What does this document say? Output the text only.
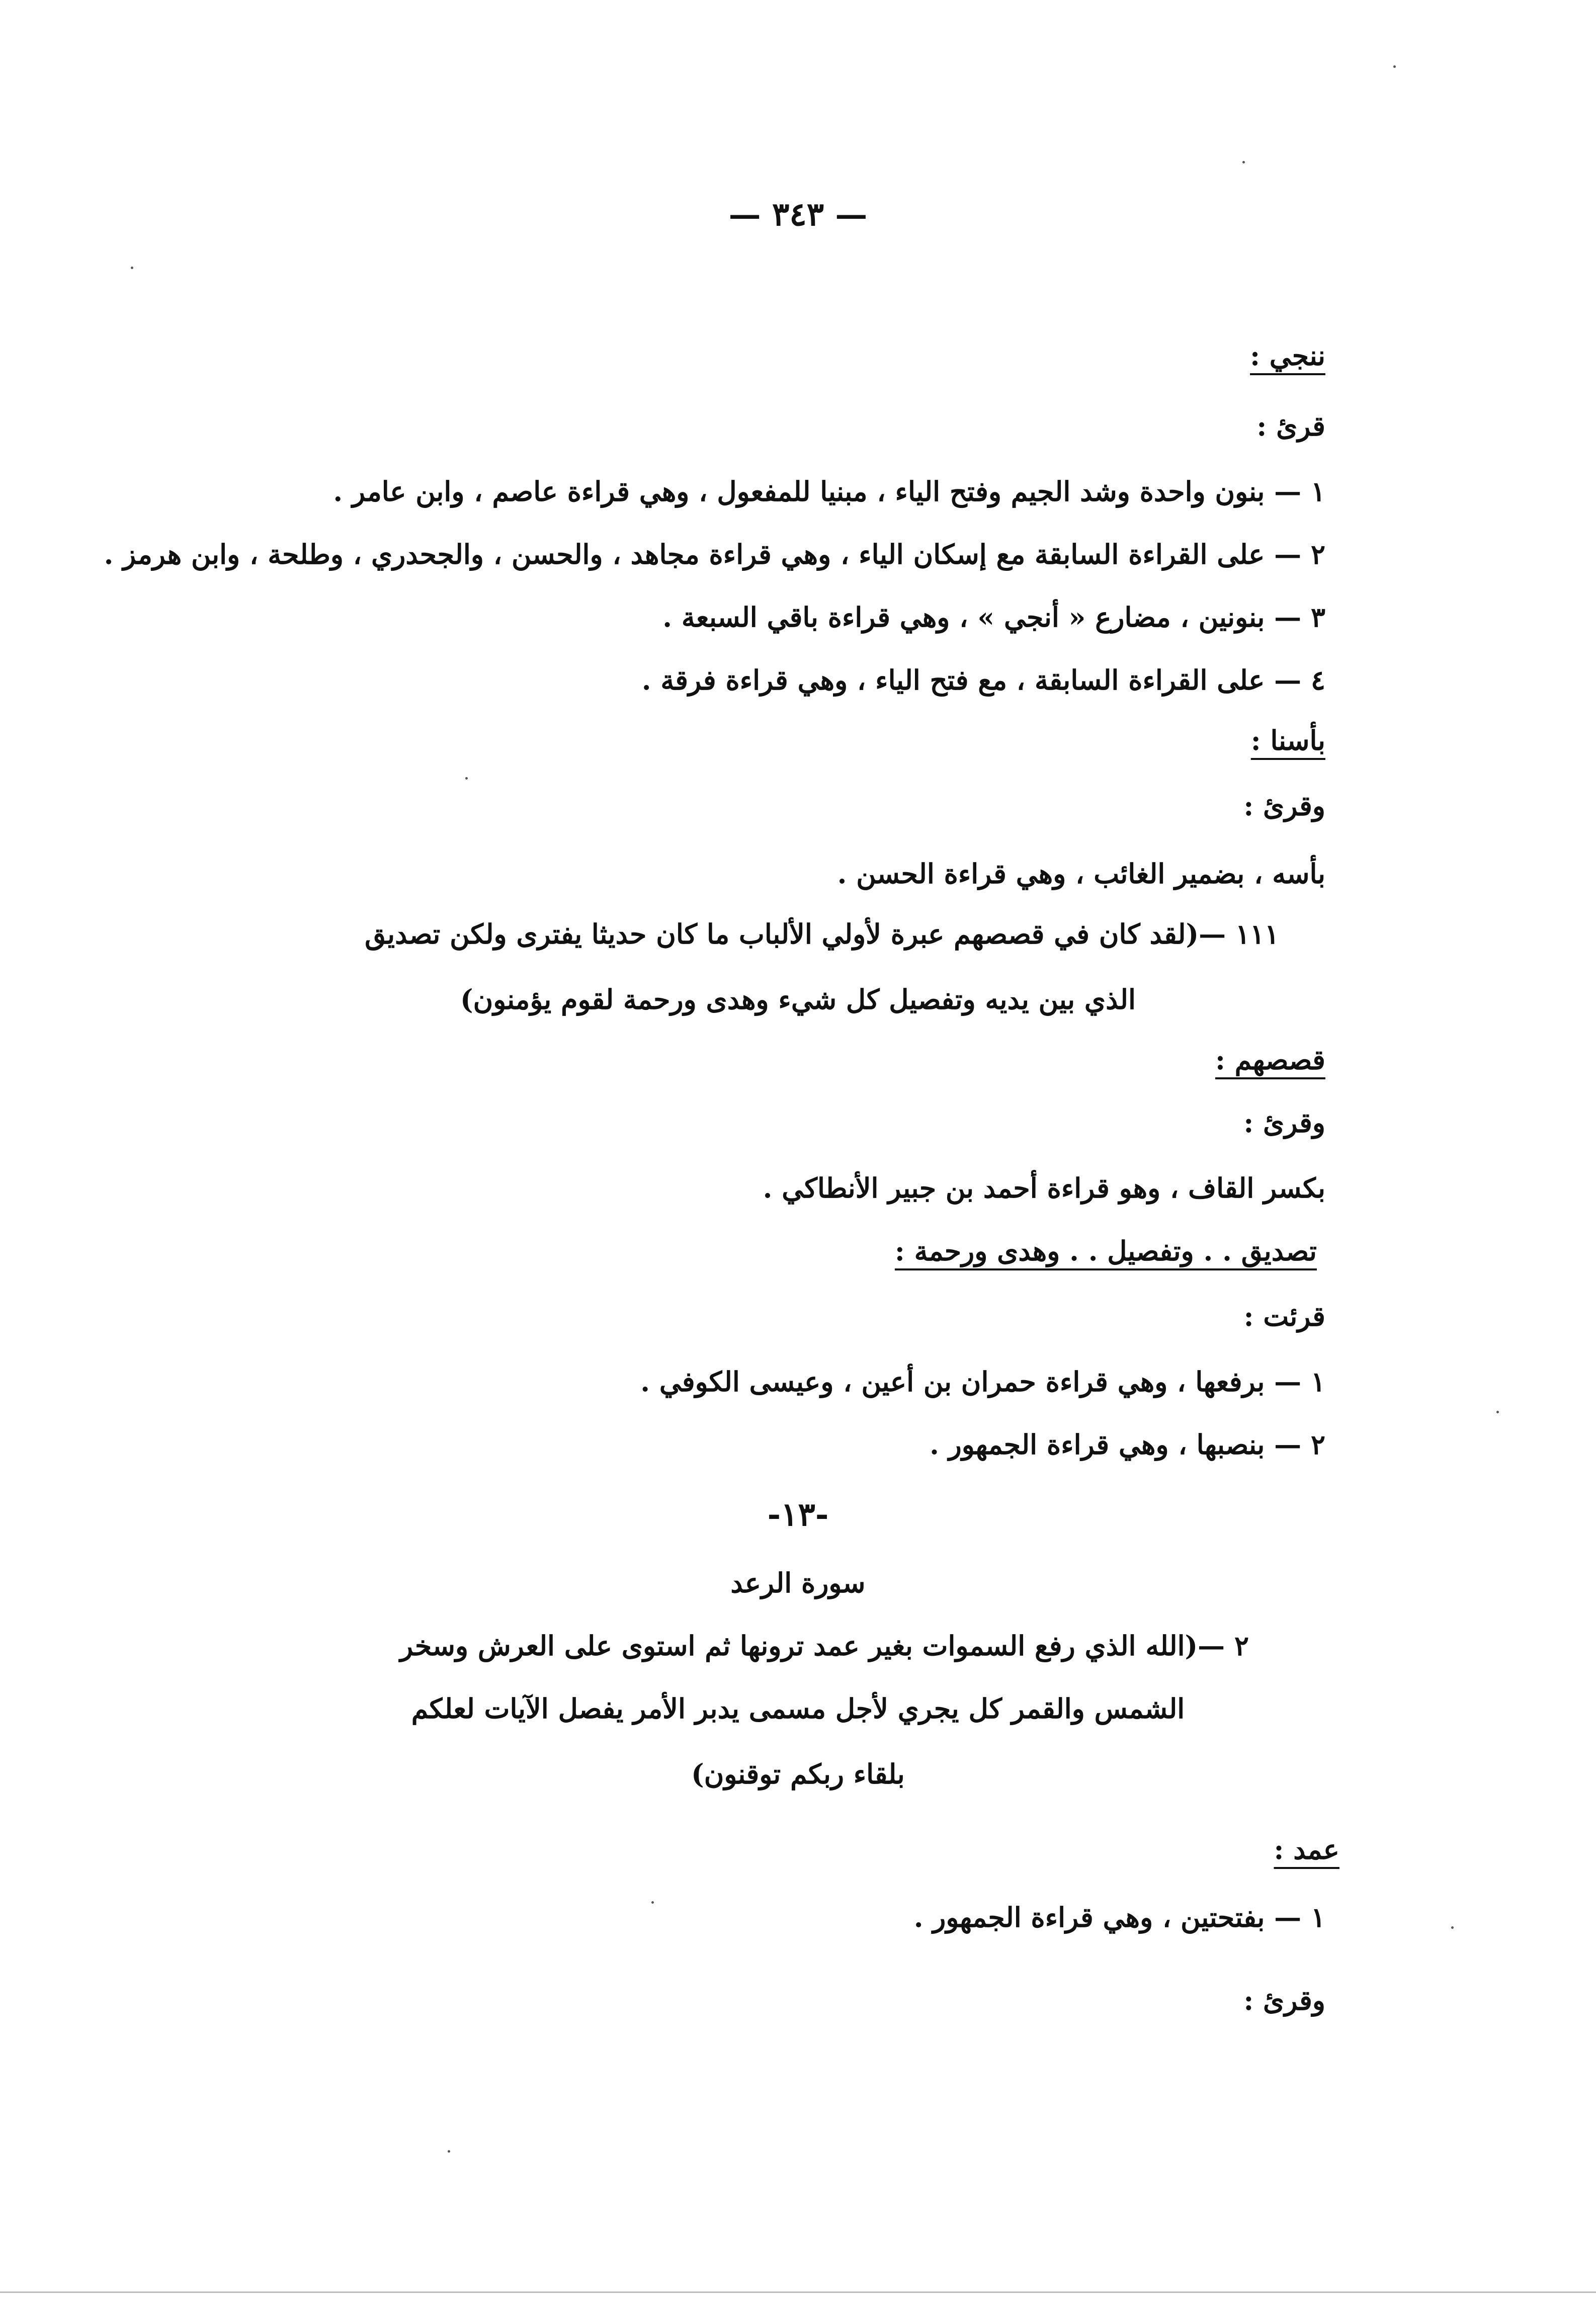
— ٣٤٣ —
ننجي :
قرئ :
١ — بنون واحدة وشد الجيم وفتح الياء ، مبنيا للمفعول ، وهي قراءة عاصم ، وابن عامر .
٢ — على القراءة السابقة مع إسكان الياء ، وهي قراءة مجاهد ، والحسن ، والجحدري ، وطلحة ، وابن هرمز .
٣ — بنونين ، مضارع « أنجي » ، وهي قراءة باقي السبعة .
٤ — على القراءة السابقة ، مع فتح الياء ، وهي قراءة فرقة .
بأسنا :
وقرئ :
بأسه ، بضمير الغائب ، وهي قراءة الحسن .
١١١ —(لقد كان في قصصهم عبرة لأولي الألباب ما كان حديثا يفترى ولكن تصديق
الذي بين يديه وتفصيل كل شيء وهدى ورحمة لقوم يؤمنون)
قصصهم :
وقرئ :
بكسر القاف ، وهو قراءة أحمد بن جبير الأنطاكي .
تصديق . . وتفصيل . . وهدى ورحمة :
قرئت :
١ — برفعها ، وهي قراءة حمران بن أعين ، وعيسى الكوفي .
٢ — بنصبها ، وهي قراءة الجمهور .
-١٣-
سورة الرعد
٢ —(الله الذي رفع السموات بغير عمد ترونها ثم استوى على العرش وسخر
الشمس والقمر كل يجري لأجل مسمى يدبر الأمر يفصل الآيات لعلكم
بلقاء ربكم توقنون)
عمد :
١ — بفتحتين ، وهي قراءة الجمهور .
وقرئ :
